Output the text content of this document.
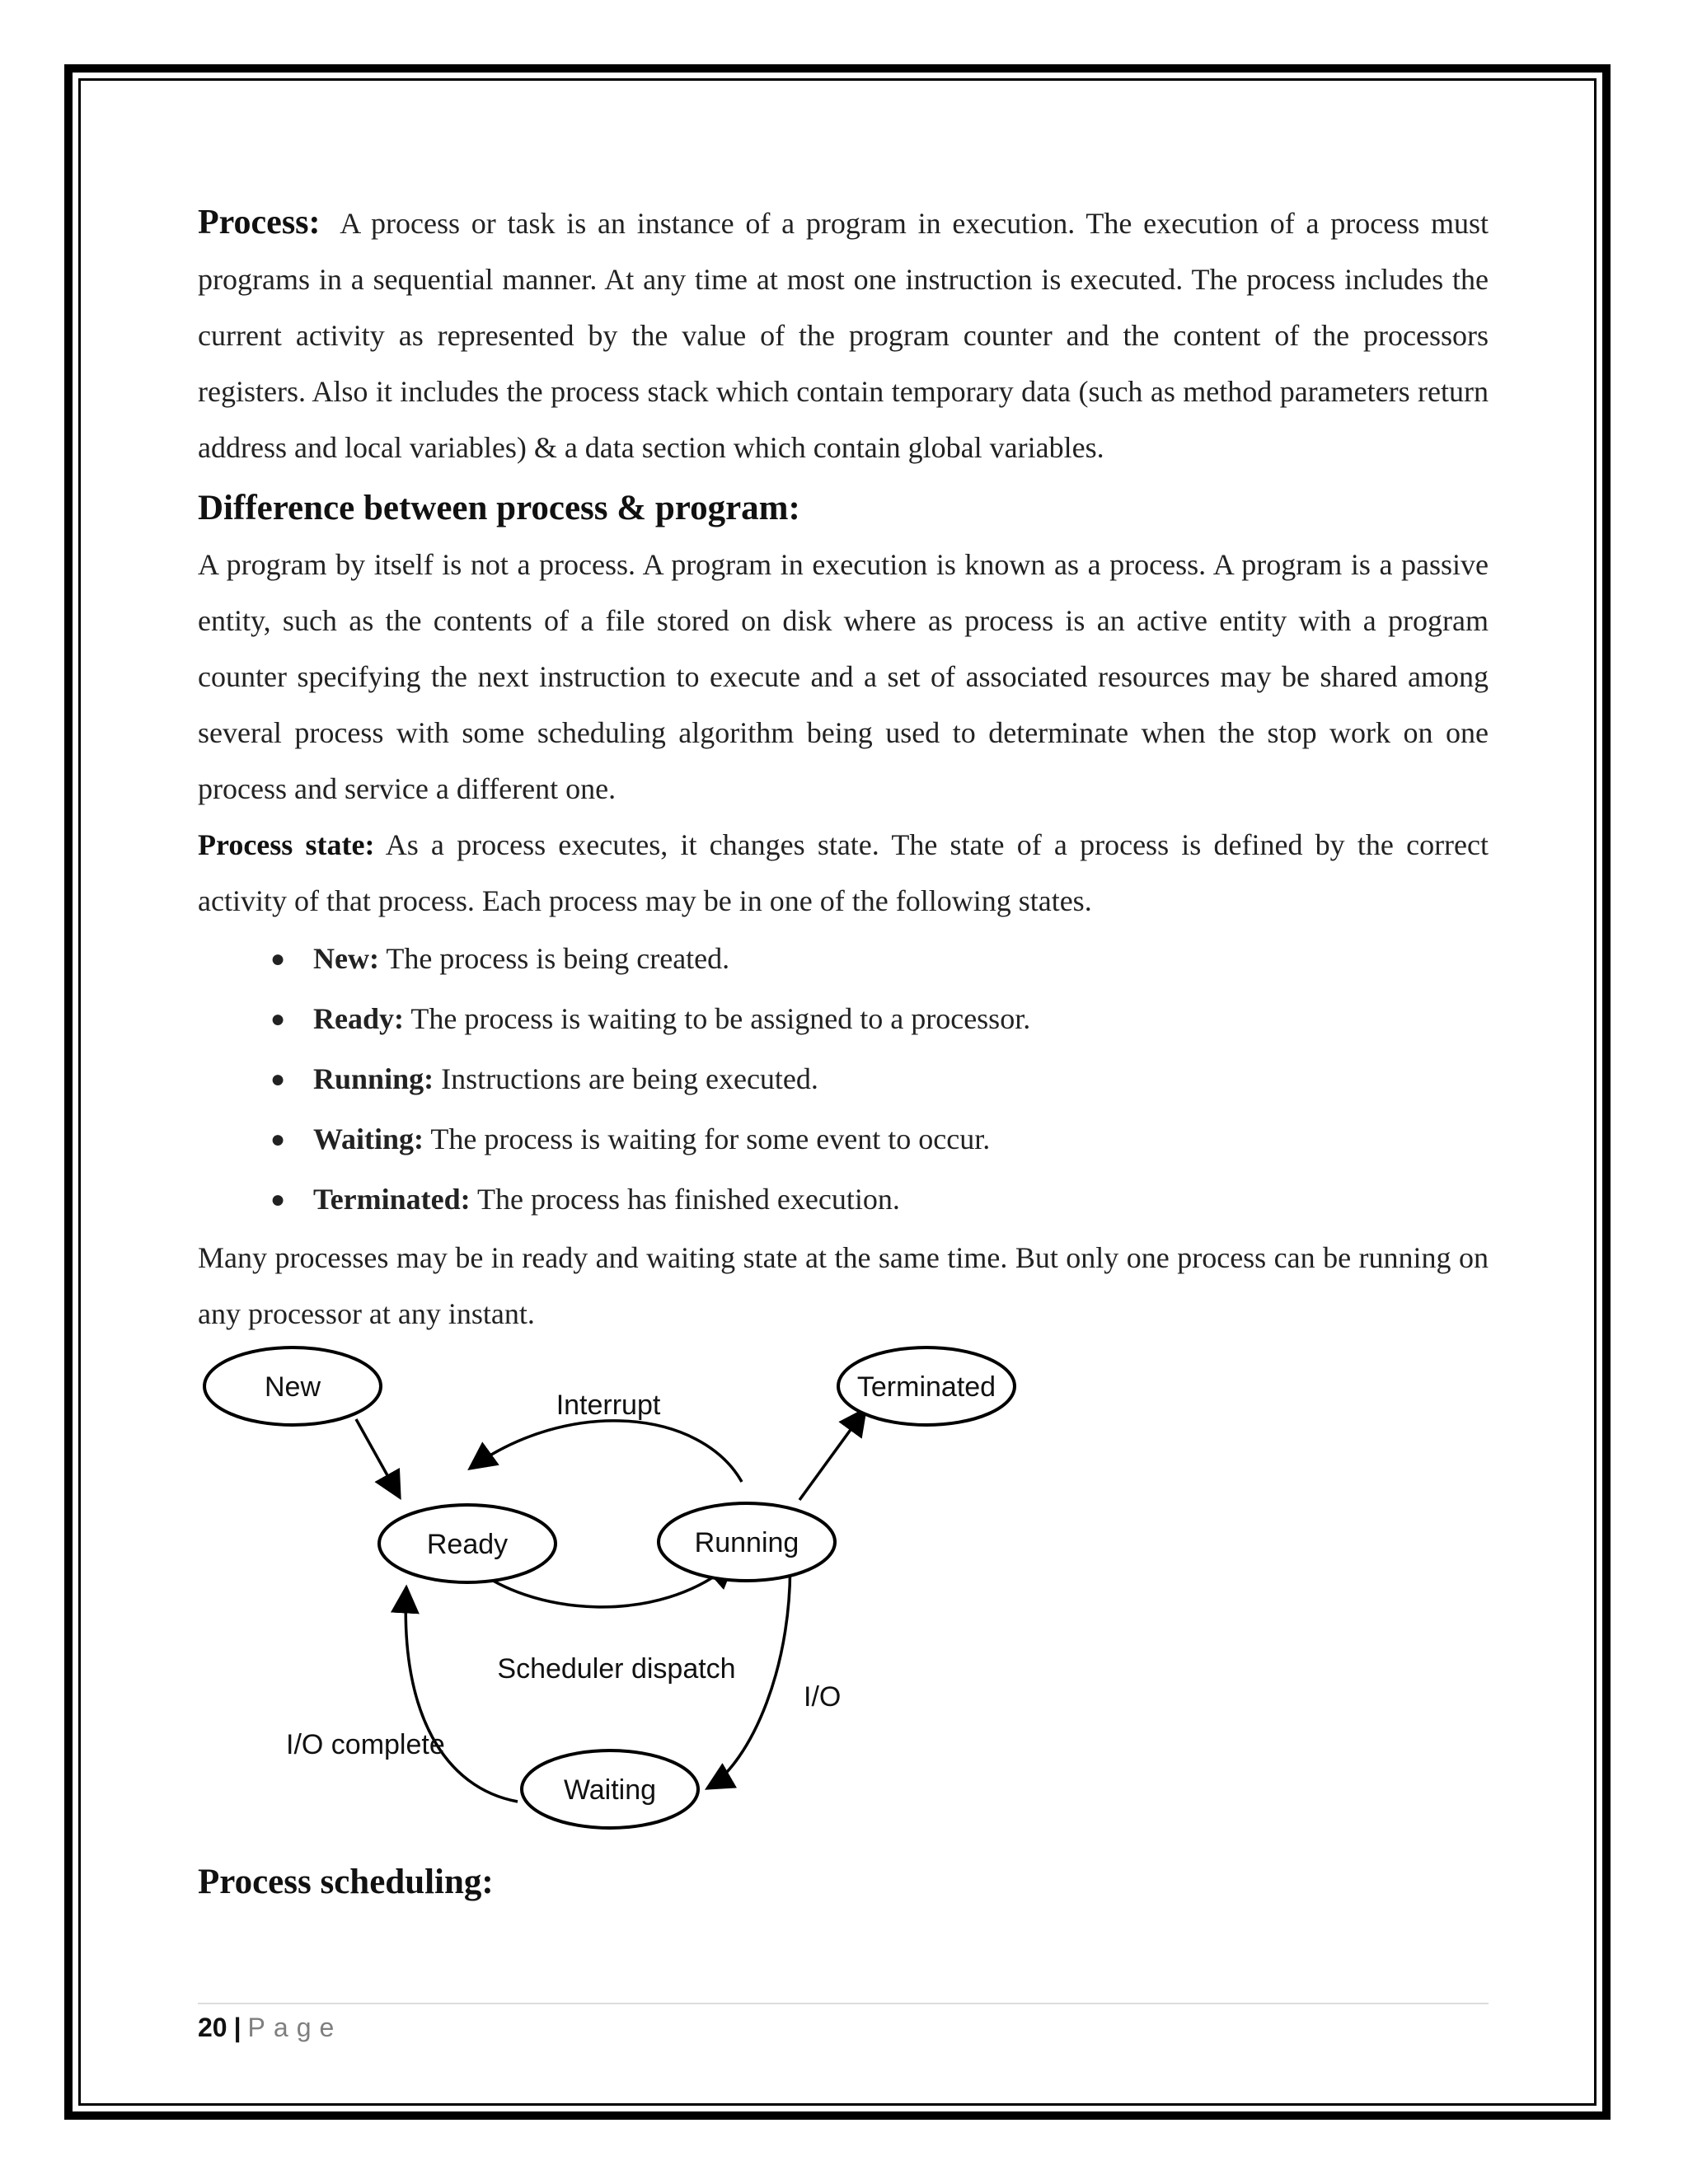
Process: A process or task is an instance of a program in execution. The execution of a process must programs in a sequential manner. At any time at most one instruction is executed. The process includes the current activity as represented by the value of the program counter and the content of the processors registers. Also it includes the process stack which contain temporary data (such as method parameters return address and local variables) & a data section which contain global variables.

Difference between process & program:

A program by itself is not a process. A program in execution is known as a process. A program is a passive entity, such as the contents of a file stored on disk where as process is an active entity with a program counter specifying the next instruction to execute and a set of associated resources may be shared among several process with some scheduling algorithm being used to determinate when the stop work on one process and service a different one.

Process state: As a process executes, it changes state. The state of a process is defined by the correct activity of that process. Each process may be in one of the following states.

● New: The process is being created.
● Ready: The process is waiting to be assigned to a processor.
● Running: Instructions are being executed.
● Waiting: The process is waiting for some event to occur.
● Terminated: The process has finished execution.

Many processes may be in ready and waiting state at the same time. But only one process can be running on any processor at any instant.

New	Terminated
Ready	Running
Waiting
Interrupt
Scheduler dispatch
I/O
I/O complete
Process scheduling:
20 | Page
